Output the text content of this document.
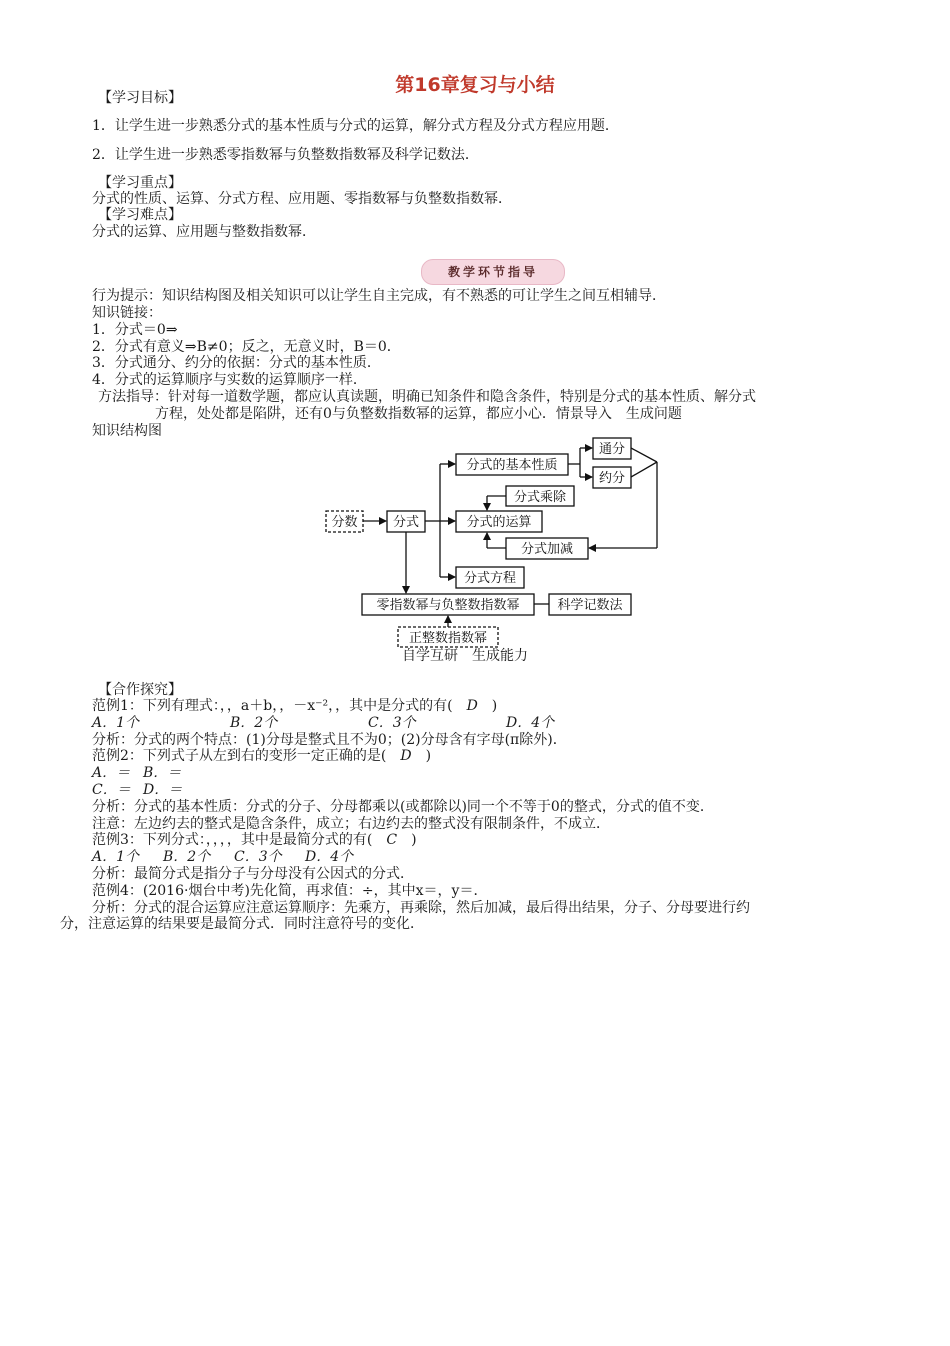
第16章复习与小结
【学习目标】
1．让学生进一步熟悉分式的基本性质与分式的运算，解分式方程及分式方程应用题．
2．让学生进一步熟悉零指数幂与负整数指数幂及科学记数法．
【学习重点】
分式的性质、运算、分式方程、应用题、零指数幂与负整数指数幂．
【学习难点】
分式的运算、应用题与整数指数幂．
教学环节指导
行为提示：知识结构图及相关知识可以让学生自主完成，有不熟悉的可让学生之间互相辅导．
知识链接：
1．分式＝0⇒
2．分式有意义⇒B≠0；反之，无意义时，B＝0．
3．分式通分、约分的依据：分式的基本性质．
4．分式的运算顺序与实数的运算顺序一样．
方法指导：针对每一道数学题，都应认真读题，明确已知条件和隐含条件，特别是分式的基本性质、解分式
方程，处处都是陷阱，还有0与负整数指数幂的运算，都应小心．情景导入　生成问题
知识结构图
分数	分式
分式的基本性质
通分
约分
分式乘除
分式的运算
分式加减
分式方程
零指数幂与负整数指数幂	科学记数法
正整数指数幂
自学互研　生成能力
【合作探究】
范例1：下列有理式：，，a＋b，，－x⁻²，，其中是分式的有(　D　)
A．1个	B．2个	C．3个	D．4个
分析：分式的两个特点：(1)分母是整式且不为0；(2)分母含有字母(π除外)．
范例2：下列式子从左到右的变形一定正确的是(　D　)
A．＝ B．＝
C．＝ D．＝
分析：分式的基本性质：分式的分子、分母都乘以(或都除以)同一个不等于0的整式，分式的值不变．
注意：左边约去的整式是隐含条件，成立；右边约去的整式没有限制条件，不成立．
范例3：下列分式：，，，，其中是最简分式的有(　C　)
A．1个 B．2个 C．3个 D．4个
分析：最简分式是指分子与分母没有公因式的分式．
范例4：(2016·烟台中考)先化简，再求值：÷，其中x＝，y＝．
分析：分式的混合运算应注意运算顺序：先乘方，再乘除，然后加减，最后得出结果，分子、分母要进行约
分，注意运算的结果要是最简分式．同时注意符号的变化．
